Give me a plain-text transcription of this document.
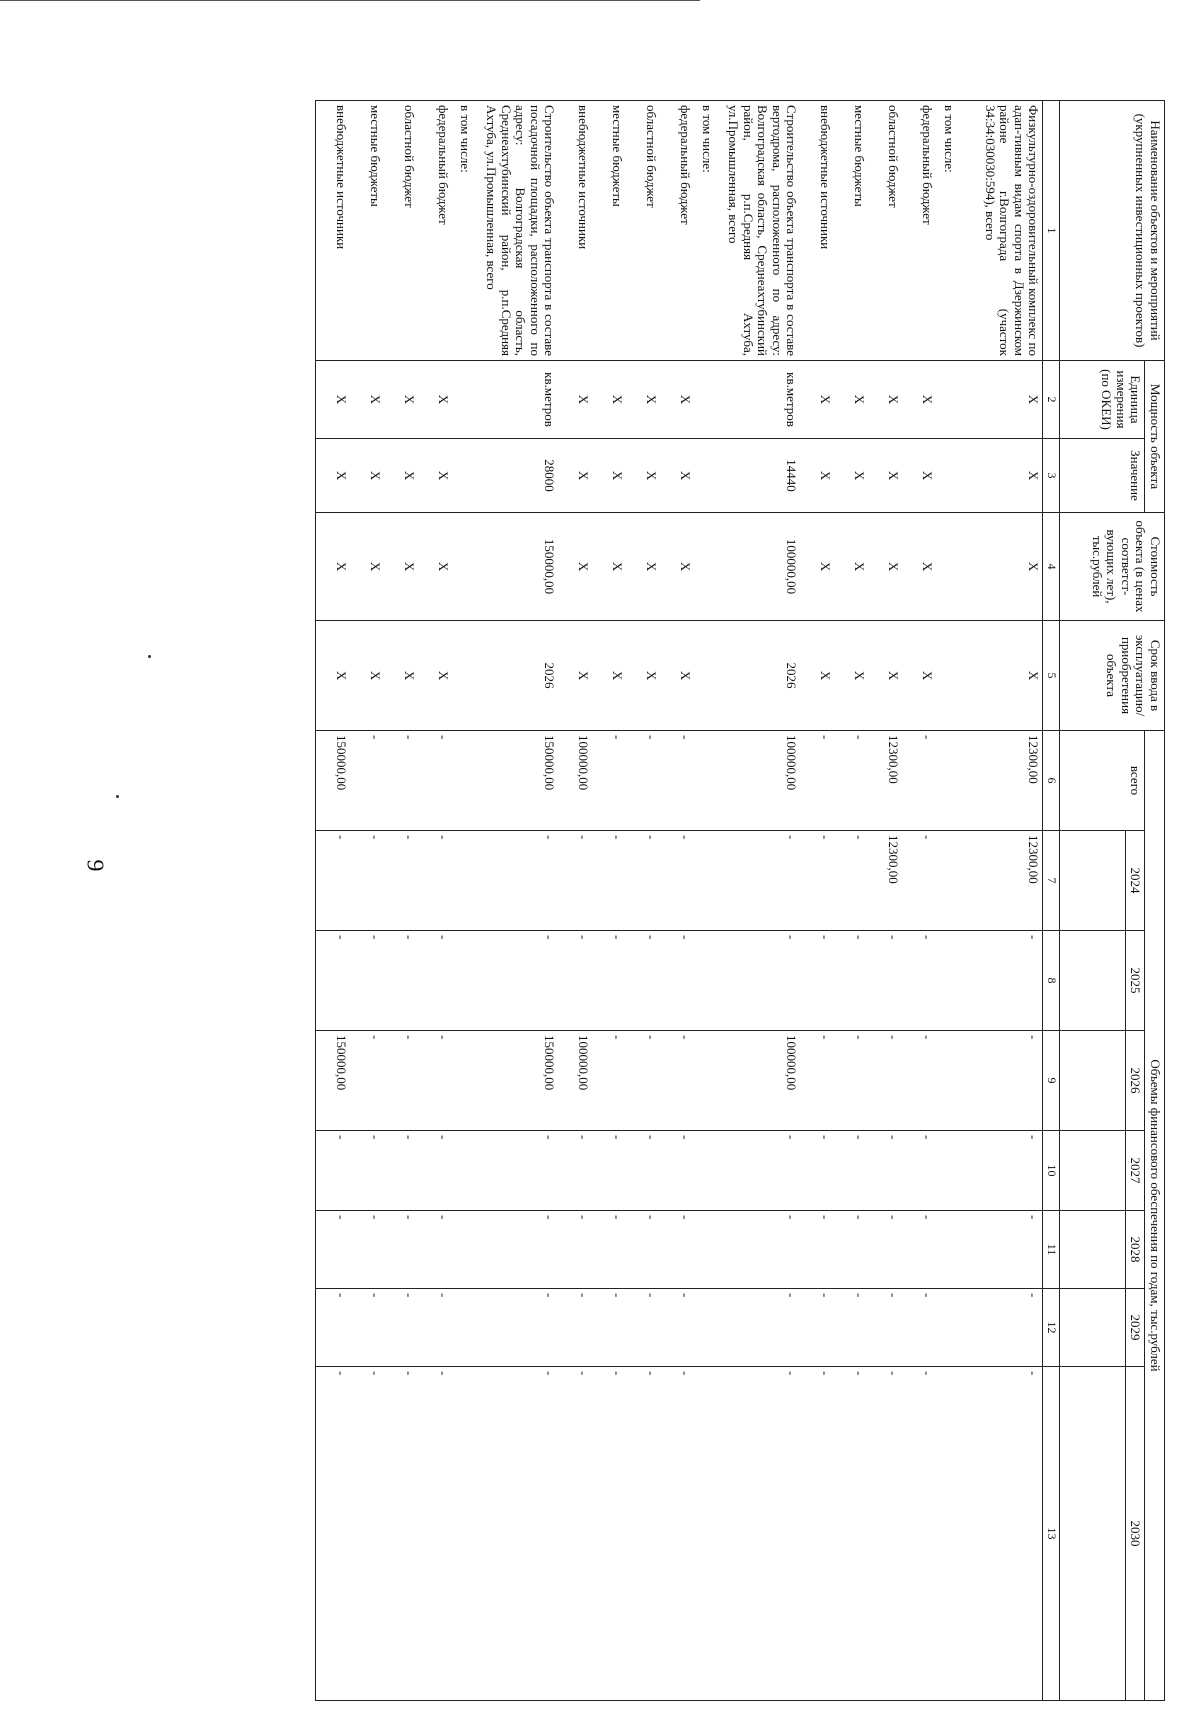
9
Наименование объектов и мероприятий (укрупненных инвестиционных проектов)	Мощность объекта		Стоимость объекта (в ценах соответст-вующих лет), тыс.рублей	Срок ввода в эксплуатацию/ приобретения объекта	Объемы финансового обеспечения по годам, тыс.рублей							
	Единица измерения (по ОКЕИ)	Значение			всего	2024	2025	2026	2027	2028	2029	2030

1	2	3	4	5	6	7	8	9	10	11	12	13
Физкультурно-оздоровительный комплекс по адап-тивным видам спорта в Дзержинском районе г.Волгограда (участок 34:34:030030:594), всего	X	X	X	X	12300,00	12300,00	-	-	-	-	-	-
в том числе:												
федеральный бюджет	X	X	X	X	-	-	-	-	-	-	-	-
областной бюджет	X	X	X	X	12300,00	12300,00	-	-	-	-	-	-
местные бюджеты	X	X	X	X	-	-	-	-	-	-	-	-
внебюджетные источники	X	X	X	X	-	-	-	-	-	-	-	-
Строительство объекта транспорта в составе вертодрома, расположенного по адресу: Волгоградская область, Среднеахтубинский район, р.п.Средняя Ахтуба, ул.Промышленная, всего	кв.метров	14440	100000,00	2026	100000,00	-	-	100000,00	-	-	-	-
в том числе:												
федеральный бюджет	X	X	X	X	-	-	-	-	-	-	-	-
областной бюджет	X	X	X	X	-	-	-	-	-	-	-	-
местные бюджеты	X	X	X	X	-	-	-	-	-	-	-	-
внебюджетные источники	X	X	X	X	100000,00	-	-	100000,00	-	-	-	-
Строительство объекта транспорта в составе посадочной площадки, расположенного по адресу: Волгоградская область, Среднеахтубинский район, р.п.Средняя Ахтуба, ул.Промышленная, всего	кв.метров	28000	150000,00	2026	150000,00	-	-	150000,00	-	-	-	-
в том числе:												
федеральный бюджет	X	X	X	X	-	-	-	-	-	-	-	-
областной бюджет	X	X	X	X	-	-	-	-	-	-	-	-
местные бюджеты	X	X	X	X	-	-	-	-	-	-	-	-
внебюджетные источники	X	X	X	X	150000,00	-	-	150000,00	-	-	-	-
